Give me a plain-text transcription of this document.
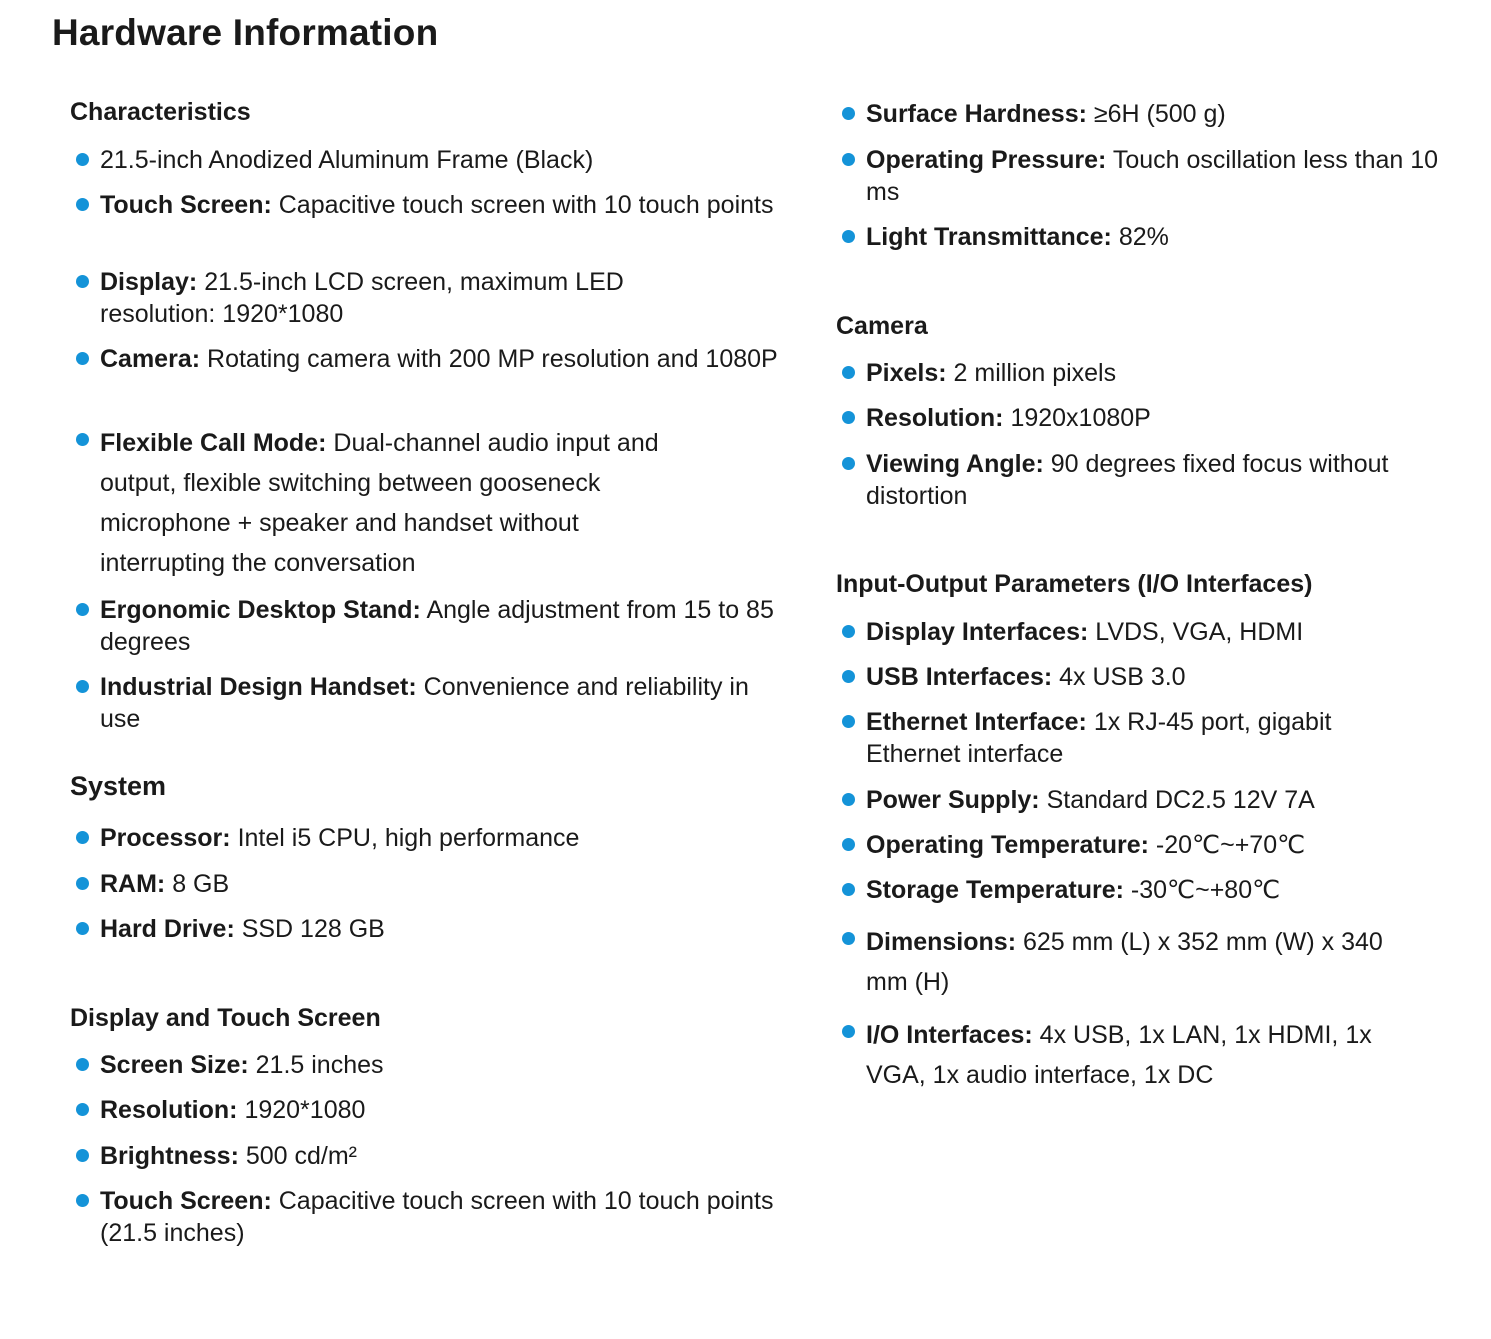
Hardware Information
Characteristics
21.5-inch Anodized Aluminum Frame (Black)
Touch Screen: Capacitive touch screen with 10 touch points
Display: 21.5-inch LCD screen, maximum LED resolution: 1920*1080
Camera: Rotating camera with 200 MP resolution and 1080P
Flexible Call Mode: Dual-channel audio input and output, flexible switching between gooseneck microphone + speaker and handset without interrupting the conversation
Ergonomic Desktop Stand: Angle adjustment from 15 to 85 degrees
Industrial Design Handset: Convenience and reliability in use
System
Processor: Intel i5 CPU, high performance
RAM: 8 GB
Hard Drive: SSD 128 GB
Display and Touch Screen
Screen Size: 21.5 inches
Resolution: 1920*1080
Brightness: 500 cd/m²
Touch Screen: Capacitive touch screen with 10 touch points (21.5 inches)
Surface Hardness: ≥6H (500 g)
Operating Pressure: Touch oscillation less than 10 ms
Light Transmittance: 82%
Camera
Pixels: 2 million pixels
Resolution: 1920x1080P
Viewing Angle: 90 degrees fixed focus without distortion
Input-Output Parameters (I/O Interfaces)
Display Interfaces: LVDS, VGA, HDMI
USB Interfaces: 4x USB 3.0
Ethernet Interface: 1x RJ-45 port, gigabit Ethernet interface
Power Supply: Standard DC2.5 12V 7A
Operating Temperature: -20℃~+70℃
Storage Temperature: -30℃~+80℃
Dimensions: 625 mm (L) x 352 mm (W) x 340 mm (H)
I/O Interfaces: 4x USB, 1x LAN, 1x HDMI, 1x VGA, 1x audio interface, 1x DC
